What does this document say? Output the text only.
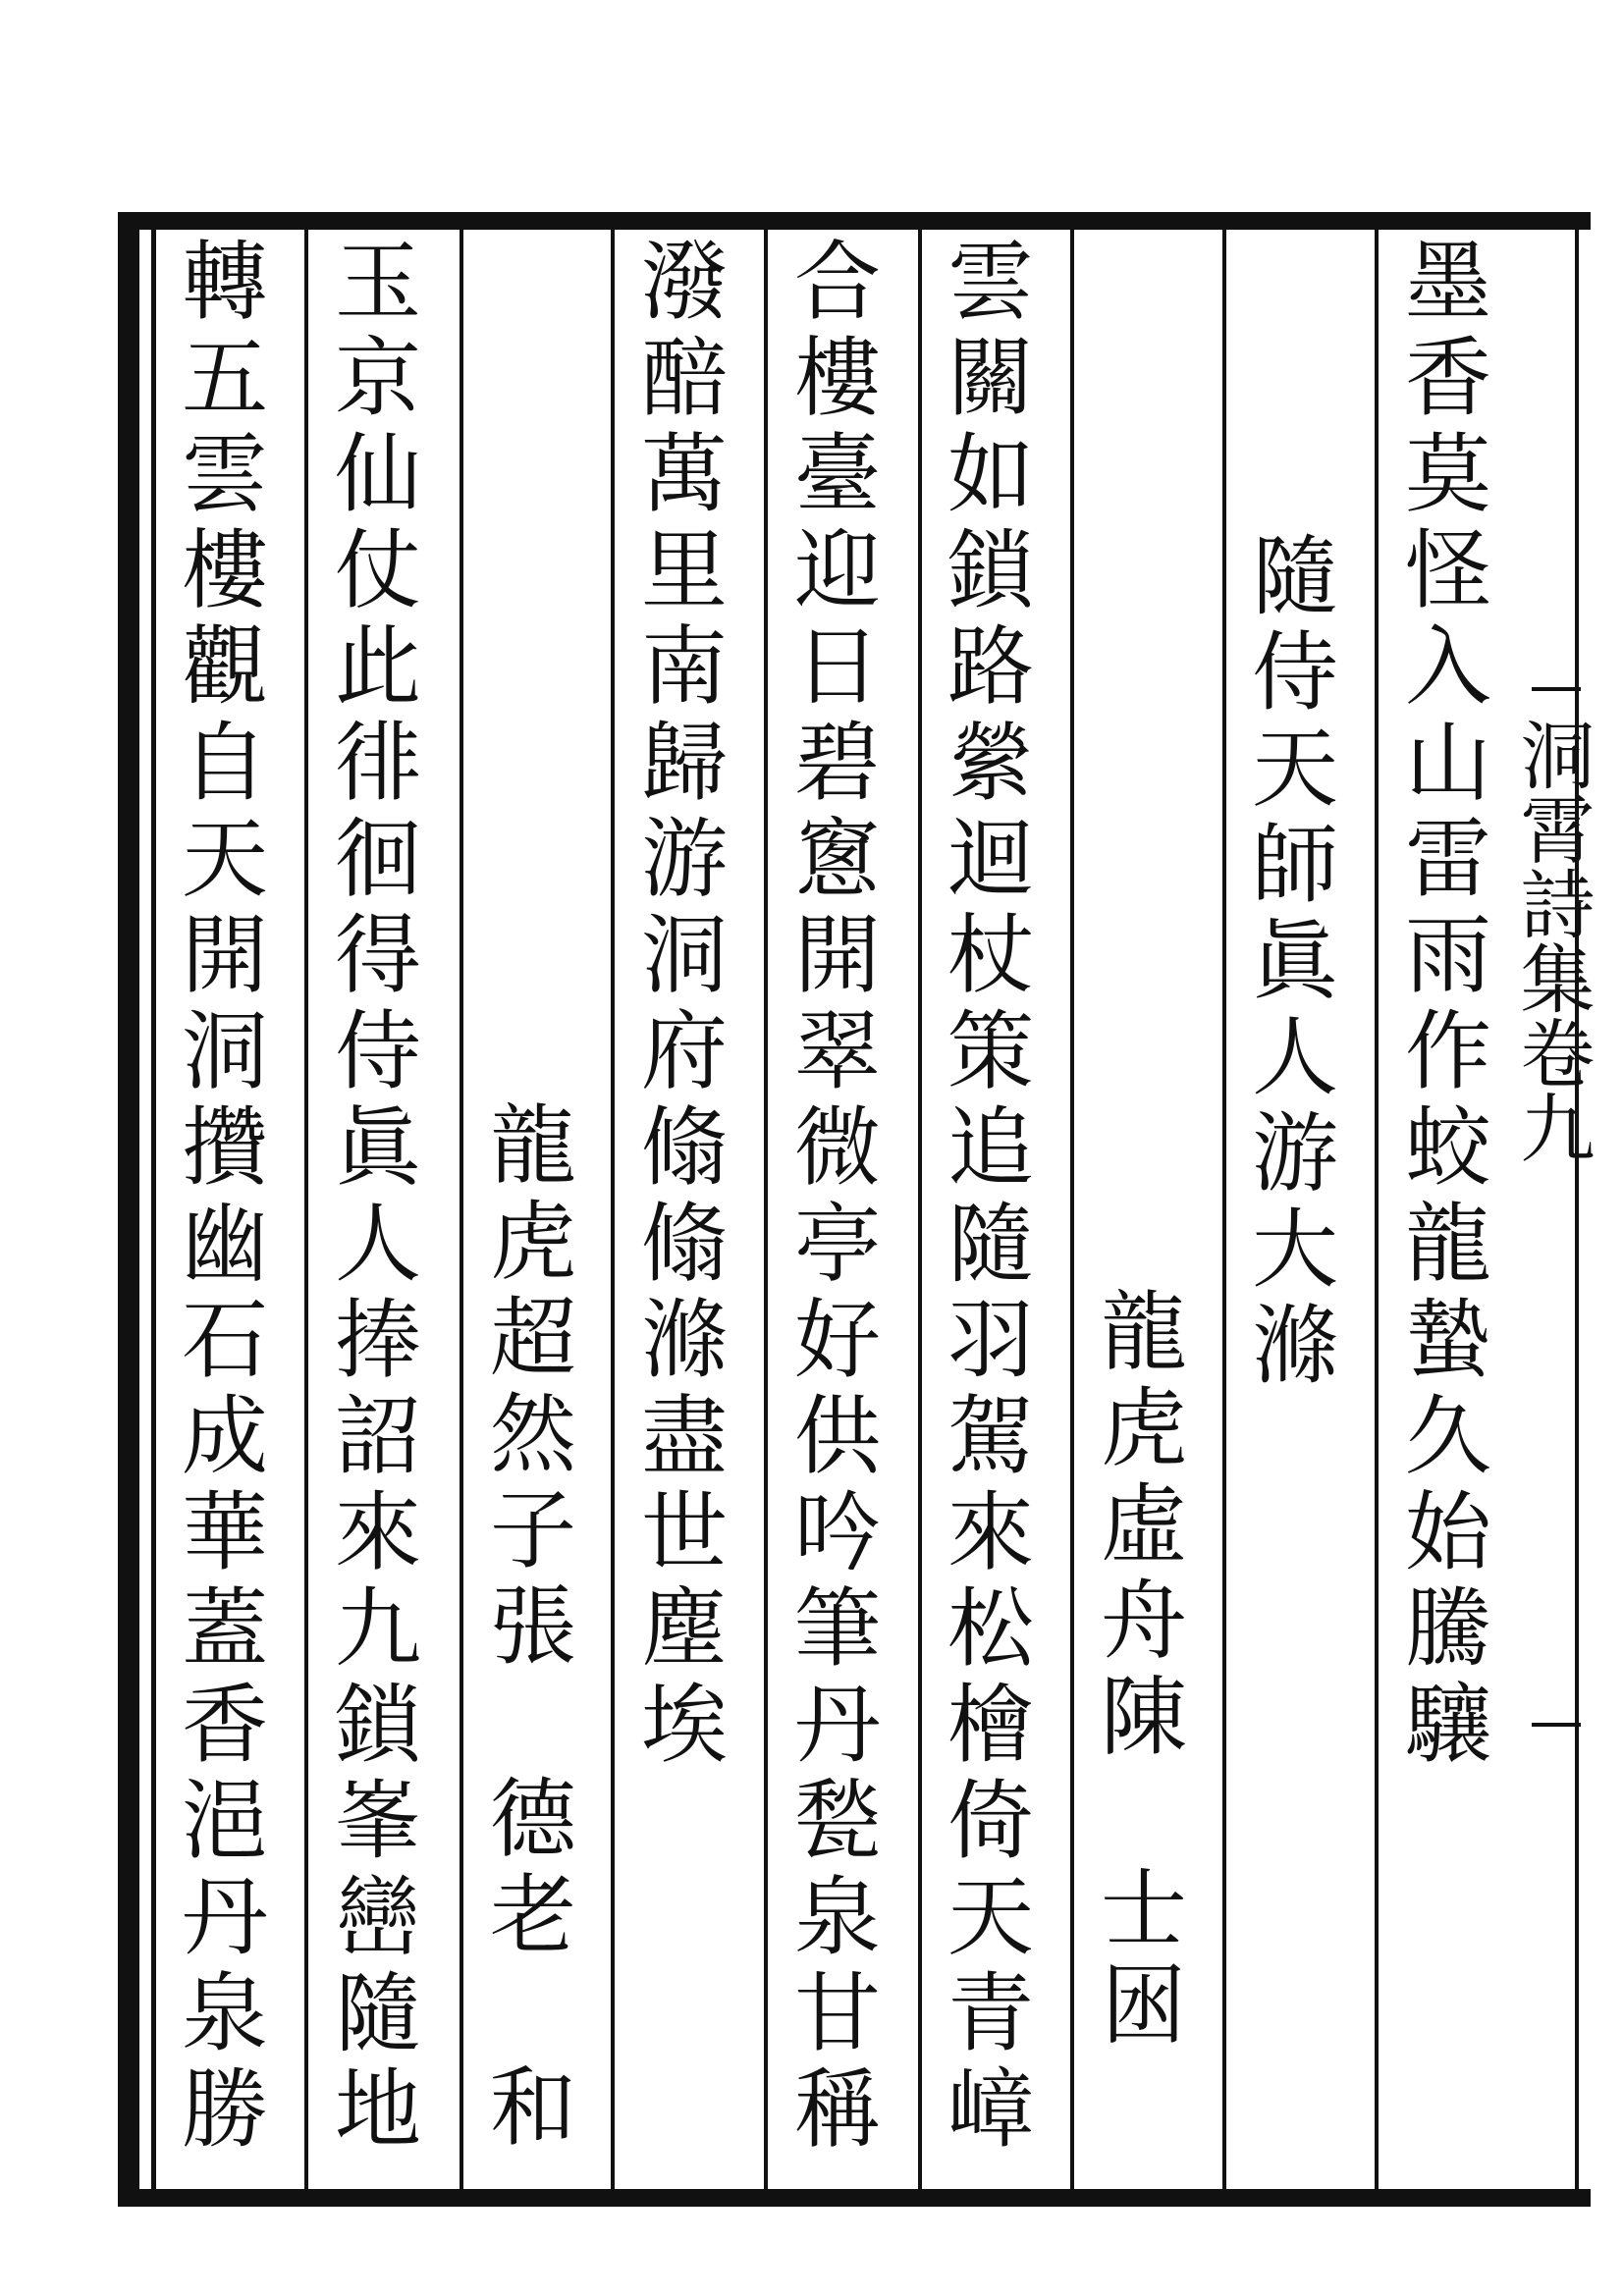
洞霄詩集卷九
墨香莫怪入山雷雨作蛟龍蟄久始騰驤
隨侍天師眞人游大滌
龍虎虛舟陳　士囦
雲關如鎖路縈迴杖策追隨羽駕來松檜倚天青嶂
合樓臺迎日碧窻開翠微亭好供吟筆丹甃泉甘稱
潑醅萬里南歸游洞府翛翛滌盡世塵埃
龍虎超然子張　德老　和
玉京仙仗此徘徊得侍眞人捧詔來九鎖峯巒隨地
轉五雲樓觀自天開洞攢幽石成華蓋香浥丹泉勝
